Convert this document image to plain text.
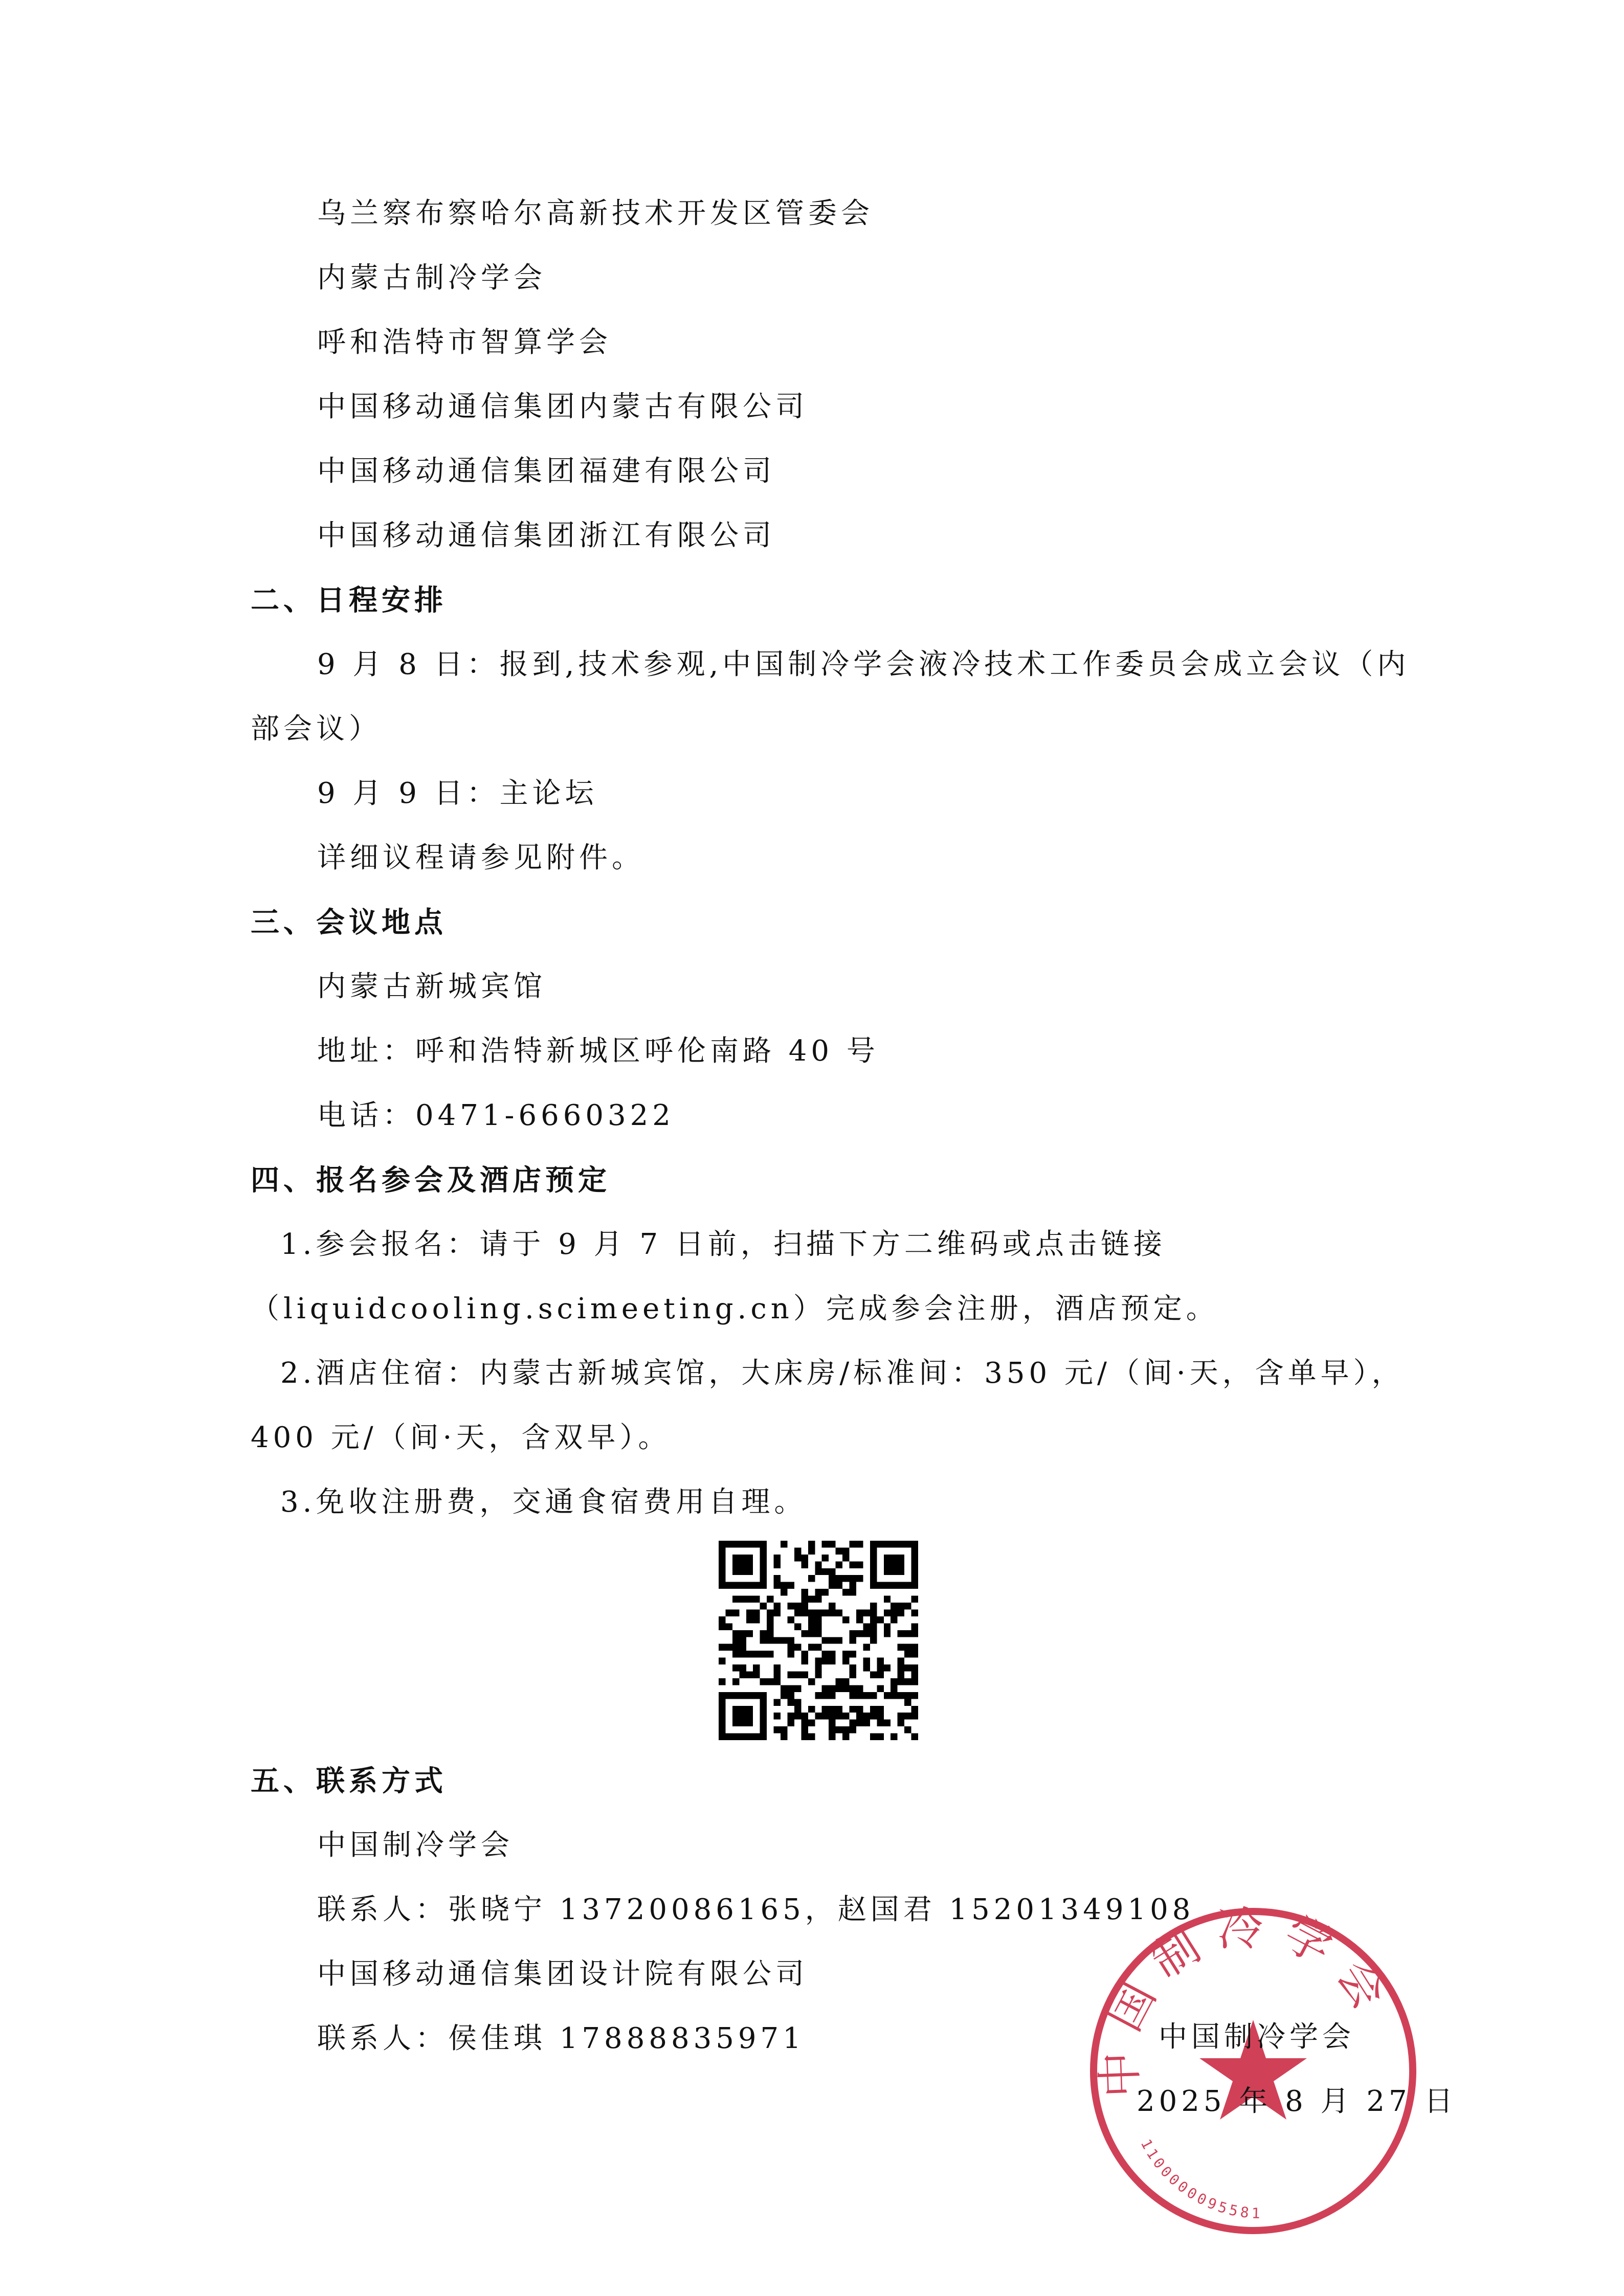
乌兰察布察哈尔高新技术开发区管委会
内蒙古制冷学会
呼和浩特市智算学会
中国移动通信集团内蒙古有限公司
中国移动通信集团福建有限公司
中国移动通信集团浙江有限公司
二、日程安排
9 月 8 日：报到,技术参观,中国制冷学会液冷技术工作委员会成立会议（内
部会议）
9 月 9 日：主论坛
详细议程请参见附件。
三、会议地点
内蒙古新城宾馆
地址：呼和浩特新城区呼伦南路 40 号
电话：0471-6660322
四、报名参会及酒店预定
1.参会报名：请于 9 月 7 日前，扫描下方二维码或点击链接
（liquidcooling.scimeeting.cn）完成参会注册，酒店预定。
2.酒店住宿：内蒙古新城宾馆，大床房/标准间：350 元/（间·天，含单早），
400 元/（间·天，含双早）。
3.免收注册费，交通食宿费用自理。
五、联系方式
中国制冷学会
联系人：张晓宁 13720086165，赵国君 15201349108
中国移动通信集团设计院有限公司
联系人：侯佳琪 17888835971	中国制冷学会
1100000095581
中国制冷学会
2025 年 8 月 27 日
